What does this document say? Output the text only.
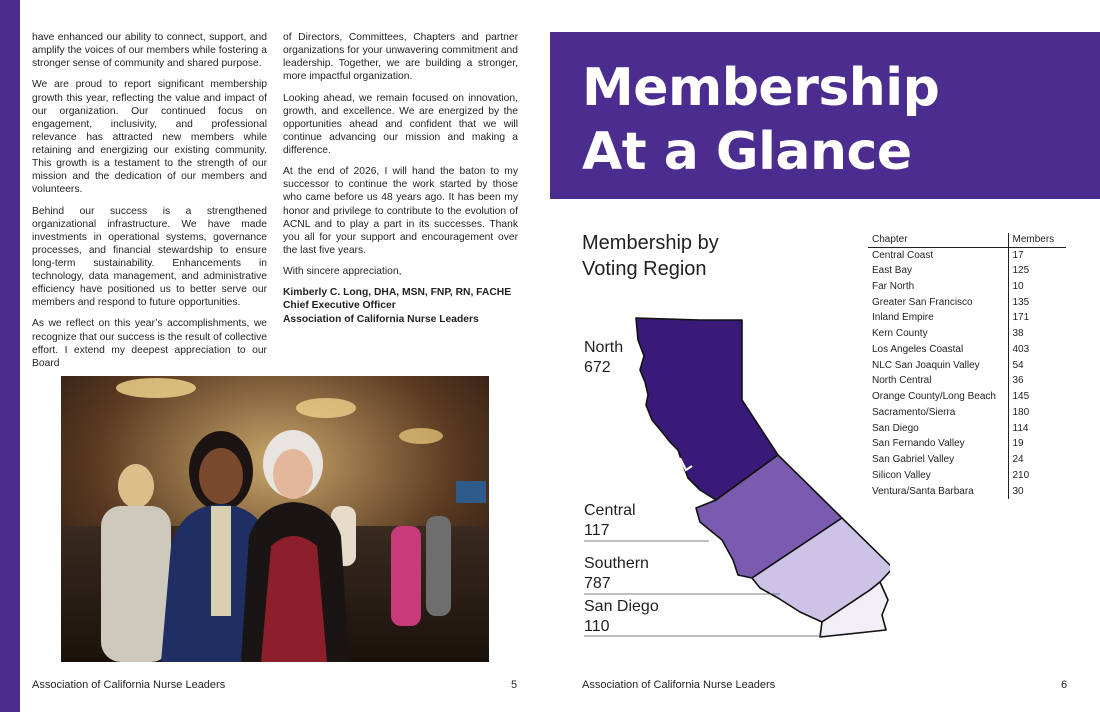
have enhanced our ability to connect, support, and amplify the voices of our members while fostering a stronger sense of community and shared purpose.

We are proud to report significant membership growth this year, reflecting the value and impact of our organization. Our continued focus on engagement, inclusivity, and professional relevance has attracted new members while retaining and energizing our existing community. This growth is a testament to the strength of our mission and the dedication of our members and volunteers.

Behind our success is a strengthened organizational infrastructure. We have made investments in operational systems, governance processes, and financial stewardship to ensure long-term sustainability. Enhancements in technology, data management, and administrative efficiency have positioned us to better serve our members and respond to future opportunities.

As we reflect on this year’s accomplishments, we recognize that our success is the result of collective effort. I extend my deepest appreciation to our Board

of Directors, Committees, Chapters and partner organizations for your unwavering commitment and leadership. Together, we are building a stronger, more impactful organization.

Looking ahead, we remain focused on innovation, growth, and excellence. We are energized by the opportunities ahead and confident that we will continue advancing our mission and making a difference.

At the end of 2026, I will hand the baton to my successor to continue the work started by those who came before us 48 years ago. It has been my honor and privilege to contribute to the evolution of ACNL and to play a part in its successes. Thank you all for your support and encouragement over the last five years.

With sincere appreciation,

Kimberly C. Long, DHA, MSN, FNP, RN, FACHE
Chief Executive Officer
Association of California Nurse Leaders
Association of California Nurse Leaders	5
Membership
At a Glance
Membership by
Voting Region
North
672
Central
117
Southern
787
San Diego
110
Chapter	Members
Central Coast	17
East Bay	125
Far North	10
Greater San Francisco	135
Inland Empire	171
Kern County	38
Los Angeles Coastal	403
NLC San Joaquin Valley	54
North Central	36
Orange County/Long Beach	145
Sacramento/Sierra	180
San Diego	114
San Fernando Valley	19
San Gabriel Valley	24
Silicon Valley	210
Ventura/Santa Barbara	30
Association of California Nurse Leaders	6
